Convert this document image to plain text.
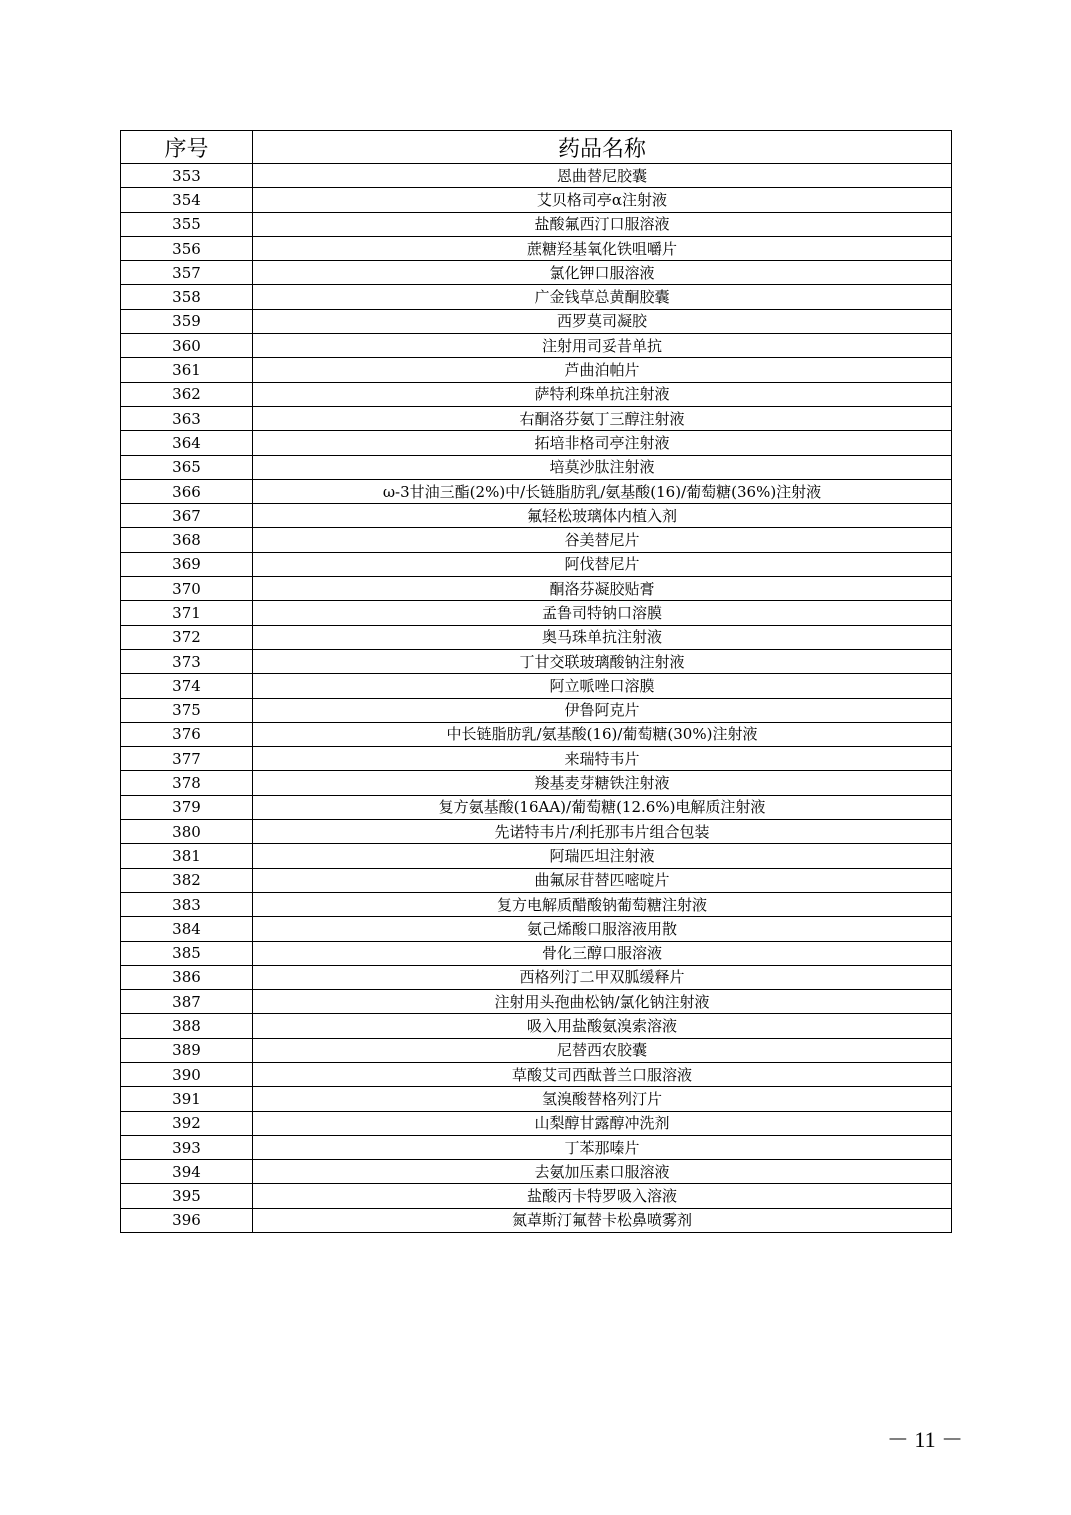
序号	药品名称
353	恩曲替尼胶囊
354	艾贝格司亭α注射液
355	盐酸氟西汀口服溶液
356	蔗糖羟基氧化铁咀嚼片
357	氯化钾口服溶液
358	广金钱草总黄酮胶囊
359	西罗莫司凝胶
360	注射用司妥昔单抗
361	芦曲泊帕片
362	萨特利珠单抗注射液
363	右酮洛芬氨丁三醇注射液
364	拓培非格司亭注射液
365	培莫沙肽注射液
366	ω-3甘油三酯(2%)中/长链脂肪乳/氨基酸(16)/葡萄糖(36%)注射液
367	氟轻松玻璃体内植入剂
368	谷美替尼片
369	阿伐替尼片
370	酮洛芬凝胶贴膏
371	孟鲁司特钠口溶膜
372	奥马珠单抗注射液
373	丁甘交联玻璃酸钠注射液
374	阿立哌唑口溶膜
375	伊鲁阿克片
376	中长链脂肪乳/氨基酸(16)/葡萄糖(30%)注射液
377	来瑞特韦片
378	羧基麦芽糖铁注射液
379	复方氨基酸(16AA)/葡萄糖(12.6%)电解质注射液
380	先诺特韦片/利托那韦片组合包装
381	阿瑞匹坦注射液
382	曲氟尿苷替匹嘧啶片
383	复方电解质醋酸钠葡萄糖注射液
384	氨己烯酸口服溶液用散
385	骨化三醇口服溶液
386	西格列汀二甲双胍缓释片
387	注射用头孢曲松钠/氯化钠注射液
388	吸入用盐酸氨溴索溶液
389	尼替西农胶囊
390	草酸艾司西酞普兰口服溶液
391	氢溴酸替格列汀片
392	山梨醇甘露醇冲洗剂
393	丁苯那嗪片
394	去氨加压素口服溶液
395	盐酸丙卡特罗吸入溶液
396	氮䓬斯汀氟替卡松鼻喷雾剂
－ 11 －
